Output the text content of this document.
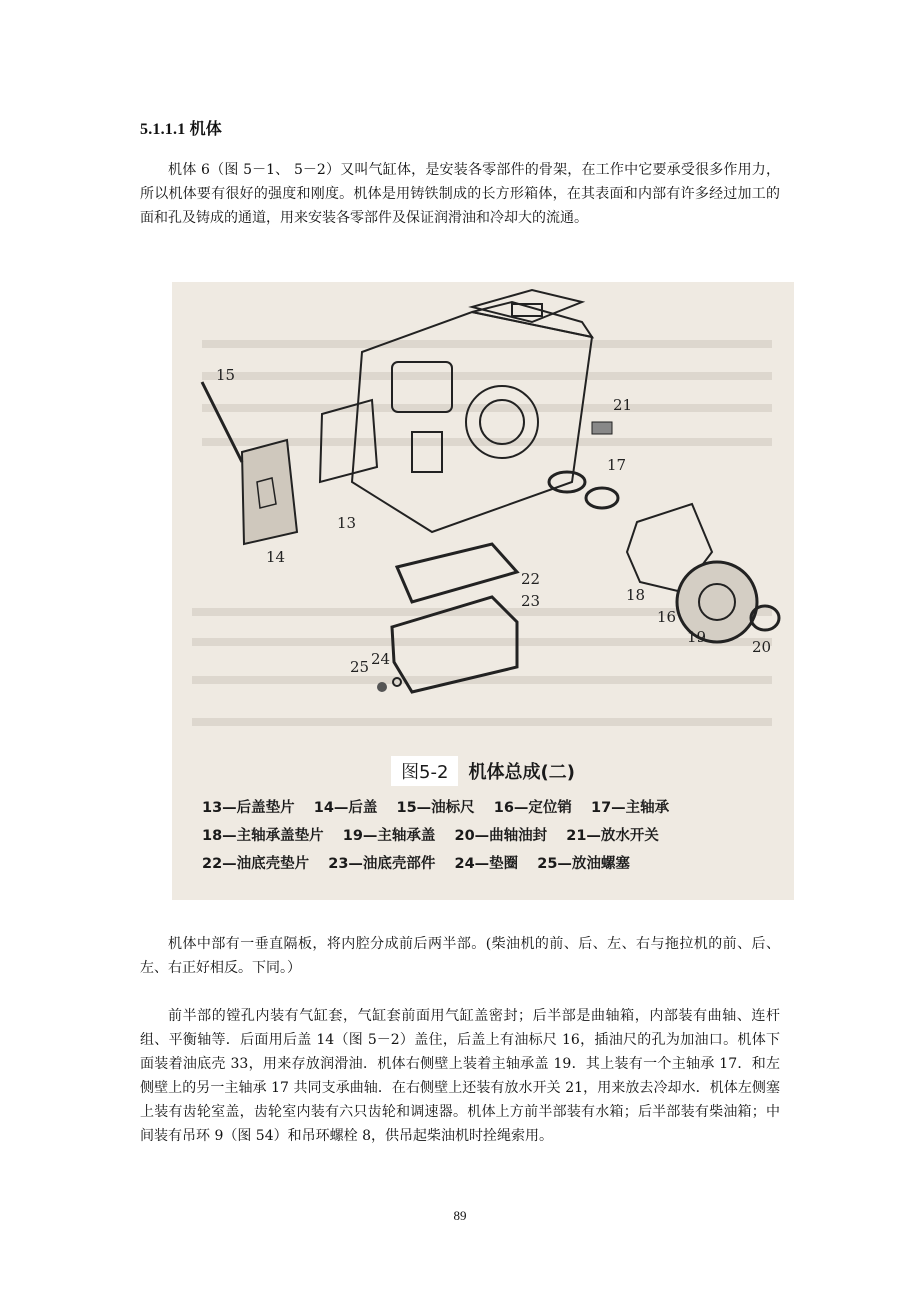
5.1.1.1 机体

机体 6（图 5－1、 5－2）又叫气缸体，是安装各零部件的骨架，在工作中它要承受很多作用力，所以机体要有很好的强度和刚度。机体是用铸铁制成的长方形箱体，在其表面和内部有许多经过加工的面和孔及铸成的通道，用来安装各零部件及保证润滑油和冷却大的流通。

15
21
17
13
14
22
23	18
16
19
20
25 24
图5-2 机体总成(二)
13—后盖垫片 14—后盖 15—油标尺 16—定位销 17—主轴承
18—主轴承盖垫片 19—主轴承盖 20—曲轴油封 21—放水开关
22—油底壳垫片 23—油底壳部件 24—垫圈 25—放油螺塞

机体中部有一垂直隔板，将内腔分成前后两半部。(柴油机的前、后、左、右与拖拉机的前、后、左、右正好相反。下同。）

前半部的镗孔内装有气缸套，气缸套前面用气缸盖密封；后半部是曲轴箱，内部装有曲轴、连杆组、平衡轴等．后面用后盖 14（图 5－2）盖住，后盖上有油标尺 16，插油尺的孔为加油口。机体下面装着油底壳 33，用来存放润滑油．机体右侧壁上装着主轴承盖 19．其上装有一个主轴承 17．和左侧壁上的另一主轴承 17 共同支承曲轴．在右侧壁上还装有放水开关 21，用来放去冷却水．机体左侧塞上装有齿轮室盖，齿轮室内装有六只齿轮和调速器。机体上方前半部装有水箱；后半部装有柴油箱；中间装有吊环 9（图 54）和吊环螺栓 8，供吊起柴油机时拴绳索用。

89
